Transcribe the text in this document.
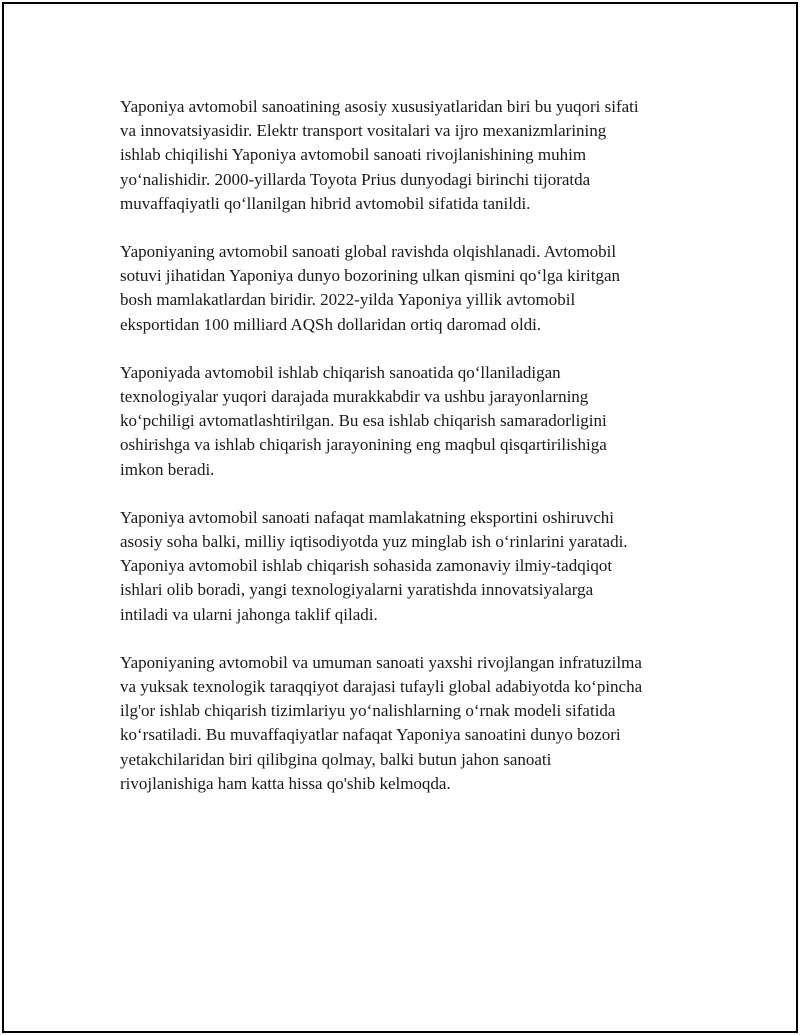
Yaponiya avtomobil sanoatining asosiy xususiyatlaridan biri bu yuqori sifati
va innovatsiyasidir. Elektr transport vositalari va ijro mexanizmlarining
ishlab chiqilishi Yaponiya avtomobil sanoati rivojlanishining muhim
yo‘nalishidir. 2000-yillarda Toyota Prius dunyodagi birinchi tijoratda
muvaffaqiyatli qo‘llanilgan hibrid avtomobil sifatida tanildi.

Yaponiyaning avtomobil sanoati global ravishda olqishlanadi. Avtomobil
sotuvi jihatidan Yaponiya dunyo bozorining ulkan qismini qo‘lga kiritgan
bosh mamlakatlardan biridir. 2022-yilda Yaponiya yillik avtomobil
eksportidan 100 milliard AQSh dollaridan ortiq daromad oldi.

Yaponiyada avtomobil ishlab chiqarish sanoatida qo‘llaniladigan
texnologiyalar yuqori darajada murakkabdir va ushbu jarayonlarning
ko‘pchiligi avtomatlashtirilgan. Bu esa ishlab chiqarish samaradorligini
oshirishga va ishlab chiqarish jarayonining eng maqbul qisqartirilishiga
imkon beradi.

Yaponiya avtomobil sanoati nafaqat mamlakatning eksportini oshiruvchi
asosiy soha balki, milliy iqtisodiyotda yuz minglab ish o‘rinlarini yaratadi.
Yaponiya avtomobil ishlab chiqarish sohasida zamonaviy ilmiy-tadqiqot
ishlari olib boradi, yangi texnologiyalarni yaratishda innovatsiyalarga
intiladi va ularni jahonga taklif qiladi.

Yaponiyaning avtomobil va umuman sanoati yaxshi rivojlangan infratuzilma
va yuksak texnologik taraqqiyot darajasi tufayli global adabiyotda ko‘pincha
ilg'or ishlab chiqarish tizimlariyu yo‘nalishlarning o‘rnak modeli sifatida
ko‘rsatiladi. Bu muvaffaqiyatlar nafaqat Yaponiya sanoatini dunyo bozori
yetakchilaridan biri qilibgina qolmay, balki butun jahon sanoati
rivojlanishiga ham katta hissa qo'shib kelmoqda.
